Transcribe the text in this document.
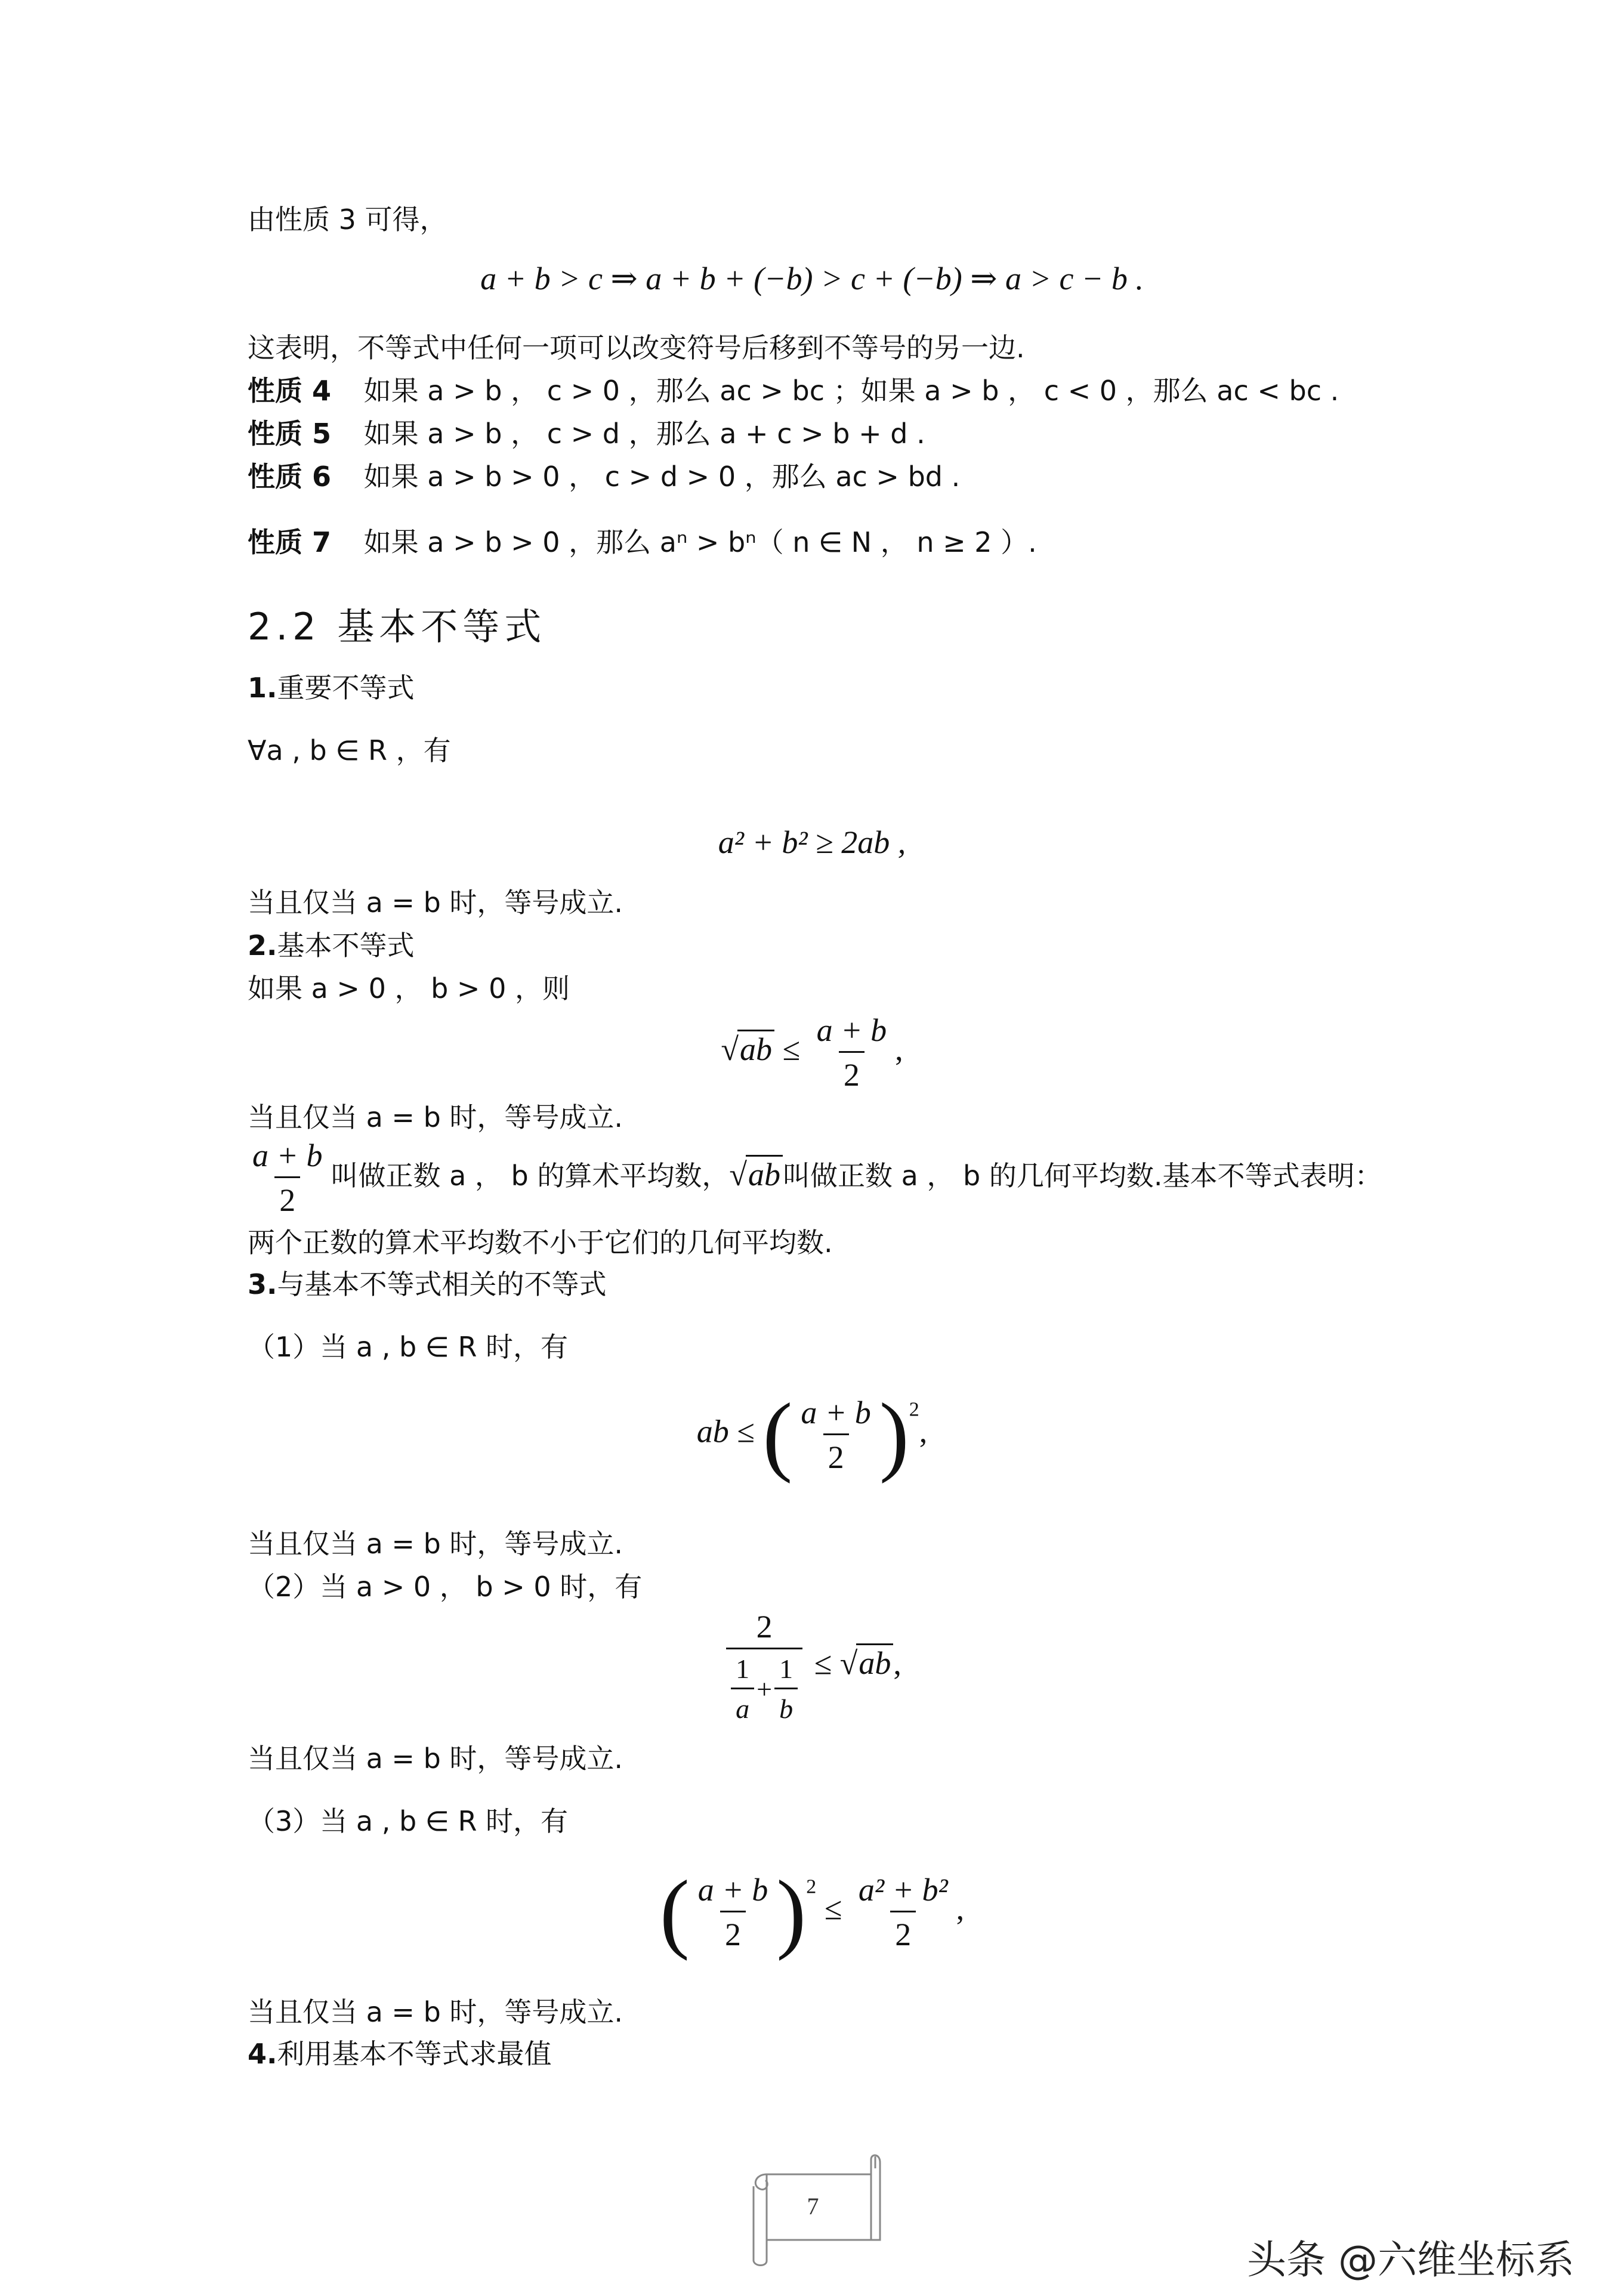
由性质 3 可得，
a + b > c ⇒ a + b + (−b) > c + (−b) ⇒ a > c − b .
这表明，不等式中任何一项可以改变符号后移到不等号的另一边.
性质 4 如果 a > b ， c > 0 ，那么 ac > bc ；如果 a > b ， c < 0 ，那么 ac < bc .
性质 5 如果 a > b ， c > d ，那么 a + c > b + d .
性质 6 如果 a > b > 0 ， c > d > 0 ，那么 ac > bd .
性质 7 如果 a > b > 0 ，那么 aⁿ > bⁿ（ n ∈ N ， n ≥ 2 ）.
2.2 基本不等式
1.重要不等式
∀a , b ∈ R ，有
a² + b² ≥ 2ab ,
当且仅当 a = b 时，等号成立.
2.基本不等式
如果 a > 0 ， b > 0 ，则
$√ab \le \frac{a + b}{2}$ ,
当且仅当 a = b 时，等号成立.
$\frac{a + b}{2}$ 叫做正数 a ， b 的算术平均数，√ab叫做正数 a ， b 的几何平均数.基本不等式表明：
两个正数的算术平均数不小于它们的几何平均数.
3.与基本不等式相关的不等式
（1）当 a , b ∈ R 时，有
ab ≤ ( $\frac{a + b}{2} )^2$,
当且仅当 a = b 时，等号成立.
（2）当 a > 0 ， b > 0 时，有
$\frac{2}{\frac{1}{a} + \frac{1}{b}} \le √ab$,
当且仅当 a = b 时，等号成立.
（3）当 a , b ∈ R 时，有
( $\frac{a + b}{2} )^2 \le \frac{\text{a² + b²}}{2}$ ,
当且仅当 a = b 时，等号成立.
4.利用基本不等式求最值
7
头条 @六维坐标系
